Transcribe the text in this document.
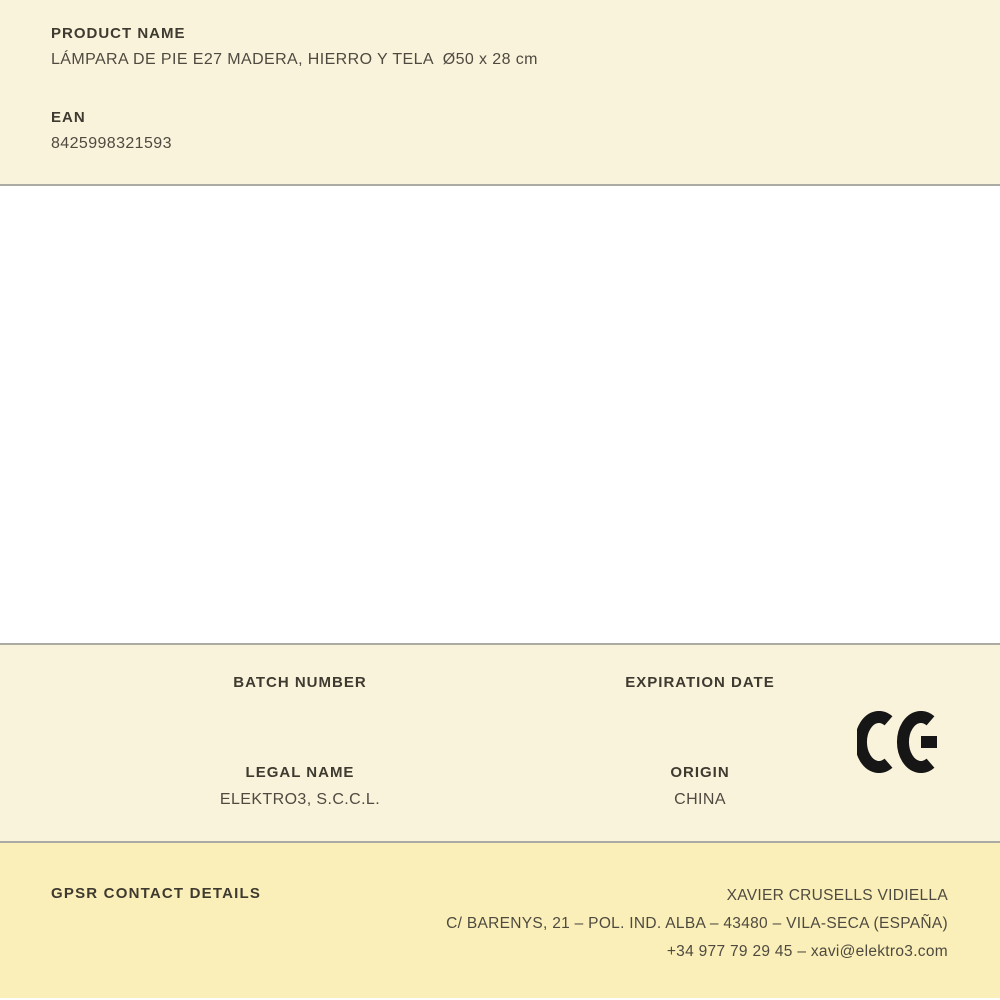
PRODUCT NAME
LÁMPARA DE PIE E27 MADERA, HIERRO Y TELA  Ø50 x 28 cm
EAN
8425998321593
BATCH NUMBER	EXPIRATION DATE
LEGAL NAME
ELEKTRO3, S.C.C.L.
ORIGIN
CHINA
GPSR CONTACT DETAILS	XAVIER CRUSELLS VIDIELLA
C/ BARENYS, 21 – POL. IND. ALBA – 43480 – VILA-SECA (ESPAÑA)
+34 977 79 29 45 – xavi@elektro3.com
